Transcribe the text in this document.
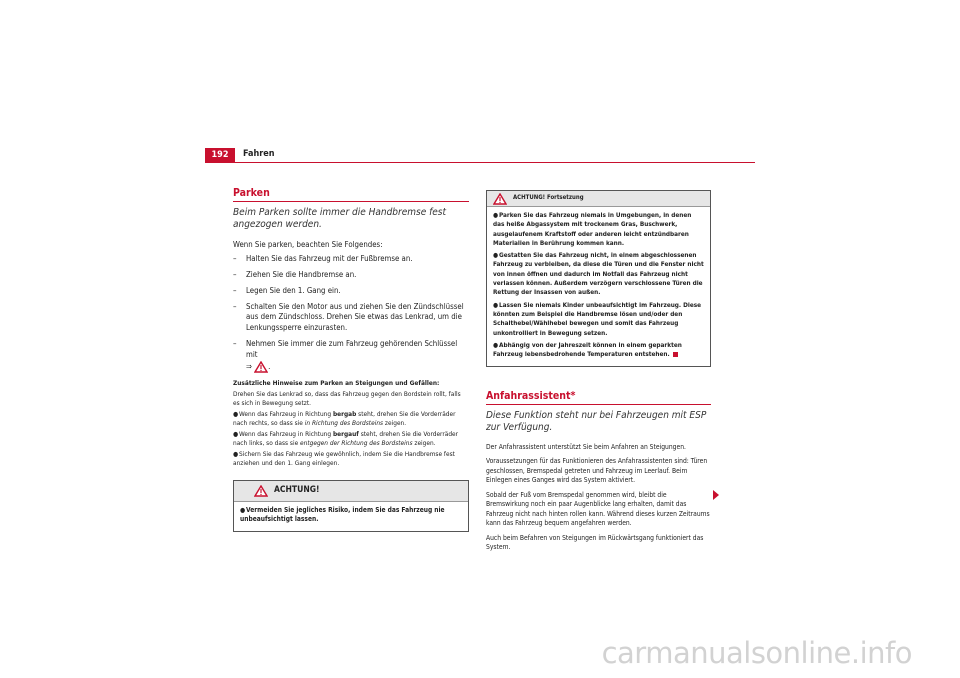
192	Fahren
Parken
Beim Parken sollte immer die Handbremse fest angezogen werden.

Wenn Sie parken, beachten Sie Folgendes:

–	Halten Sie das Fahrzeug mit der Fußbremse an.
–	Ziehen Sie die Handbremse an.
–	Legen Sie den 1. Gang ein.
–	Schalten Sie den Motor aus und ziehen Sie den Zündschlüssel aus dem Zündschloss. Drehen Sie etwas das Lenkrad, um die Lenkungssperre einzurasten.
–	Nehmen Sie immer die zum Fahrzeug gehörenden Schlüssel mit
⇒ .

Zusätzliche Hinweise zum Parken an Steigungen und Gefällen:

Drehen Sie das Lenkrad so, dass das Fahrzeug gegen den Bordstein rollt, falls es sich in Bewegung setzt.

●Wenn das Fahrzeug in Richtung bergab steht, drehen Sie die Vorderräder nach rechts, so dass sie in Richtung des Bordsteins zeigen.

●Wenn das Fahrzeug in Richtung bergauf steht, drehen Sie die Vorderräder nach links, so dass sie entgegen der Richtung des Bordsteins zeigen.

●Sichern Sie das Fahrzeug wie gewöhnlich, indem Sie die Handbremse fest anziehen und den 1. Gang einlegen.

ACHTUNG!

●Vermeiden Sie jegliches Risiko, indem Sie das Fahrzeug nie unbeaufsichtigt lassen.

ACHTUNG! Fortsetzung

●Parken Sie das Fahrzeug niemals in Umgebungen, in denen das heiße Abgassystem mit trockenem Gras, Buschwerk, ausgelaufenem Kraftstoff oder anderen leicht entzündbaren Materialien in Berührung kommen kann.

●Gestatten Sie das Fahrzeug nicht, in einem abgeschlossenen Fahrzeug zu verbleiben, da diese die Türen und die Fenster nicht von innen öffnen und dadurch im Notfall das Fahrzeug nicht verlassen können. Außerdem verzögern verschlossene Türen die Rettung der Insassen von außen.

●Lassen Sie niemals Kinder unbeaufsichtigt im Fahrzeug. Diese könnten zum Beispiel die Handbremse lösen und/oder den Schalthebel/Wählhebel bewegen und somit das Fahrzeug unkontrolliert in Bewegung setzen.

●Abhängig von der Jahreszeit können in einem geparkten Fahrzeug lebensbedrohende Temperaturen entstehen.

Anfahrassistent*
Diese Funktion steht nur bei Fahrzeugen mit ESP zur Verfügung.

Der Anfahrassistent unterstützt Sie beim Anfahren an Steigungen.

Voraussetzungen für das Funktionieren des Anfahrassistenten sind: Türen geschlossen, Bremspedal getreten und Fahrzeug im Leerlauf. Beim Einlegen eines Ganges wird das System aktiviert.

Sobald der Fuß vom Bremspedal genommen wird, bleibt die Bremswirkung noch ein paar Augenblicke lang erhalten, damit das Fahrzeug nicht nach hinten rollen kann. Während dieses kurzen Zeitraums kann das Fahrzeug bequem angefahren werden.

Auch beim Befahren von Steigungen im Rückwärtsgang funktioniert das System.

carmanualsonline.info
